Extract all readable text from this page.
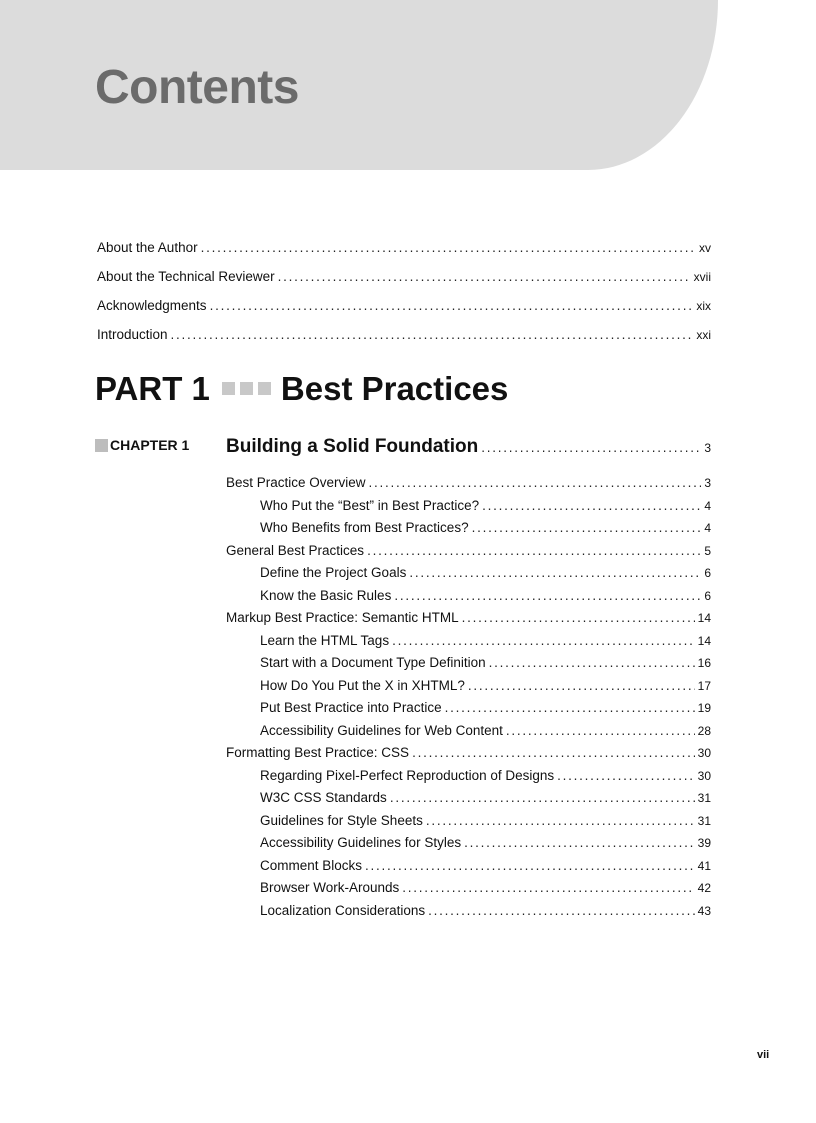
Contents
About the Author . . .	xv
About the Technical Reviewer . . .	xvii
Acknowledgments . . .	xix
Introduction . . .	xxi
PART 1 Best Practices
CHAPTER 1 Building a Solid Foundation . . .	3
Best Practice Overview . . .	3
Who Put the “Best” in Best Practice? . . .	4
Who Benefits from Best Practices? . . .	4
General Best Practices . . .	5
Define the Project Goals . . .	6
Know the Basic Rules . . .	6
Markup Best Practice: Semantic HTML . . .	14
Learn the HTML Tags . . .	14
Start with a Document Type Definition . . .	16
How Do You Put the X in XHTML? . . .	17
Put Best Practice into Practice . . .	19
Accessibility Guidelines for Web Content . . .	28
Formatting Best Practice: CSS . . .	30
Regarding Pixel-Perfect Reproduction of Designs . . .	30
W3C CSS Standards . . .	31
Guidelines for Style Sheets . . .	31
Accessibility Guidelines for Styles . . .	39
Comment Blocks . . .	41
Browser Work-Arounds . . .	42
Localization Considerations . . .	43
vii
